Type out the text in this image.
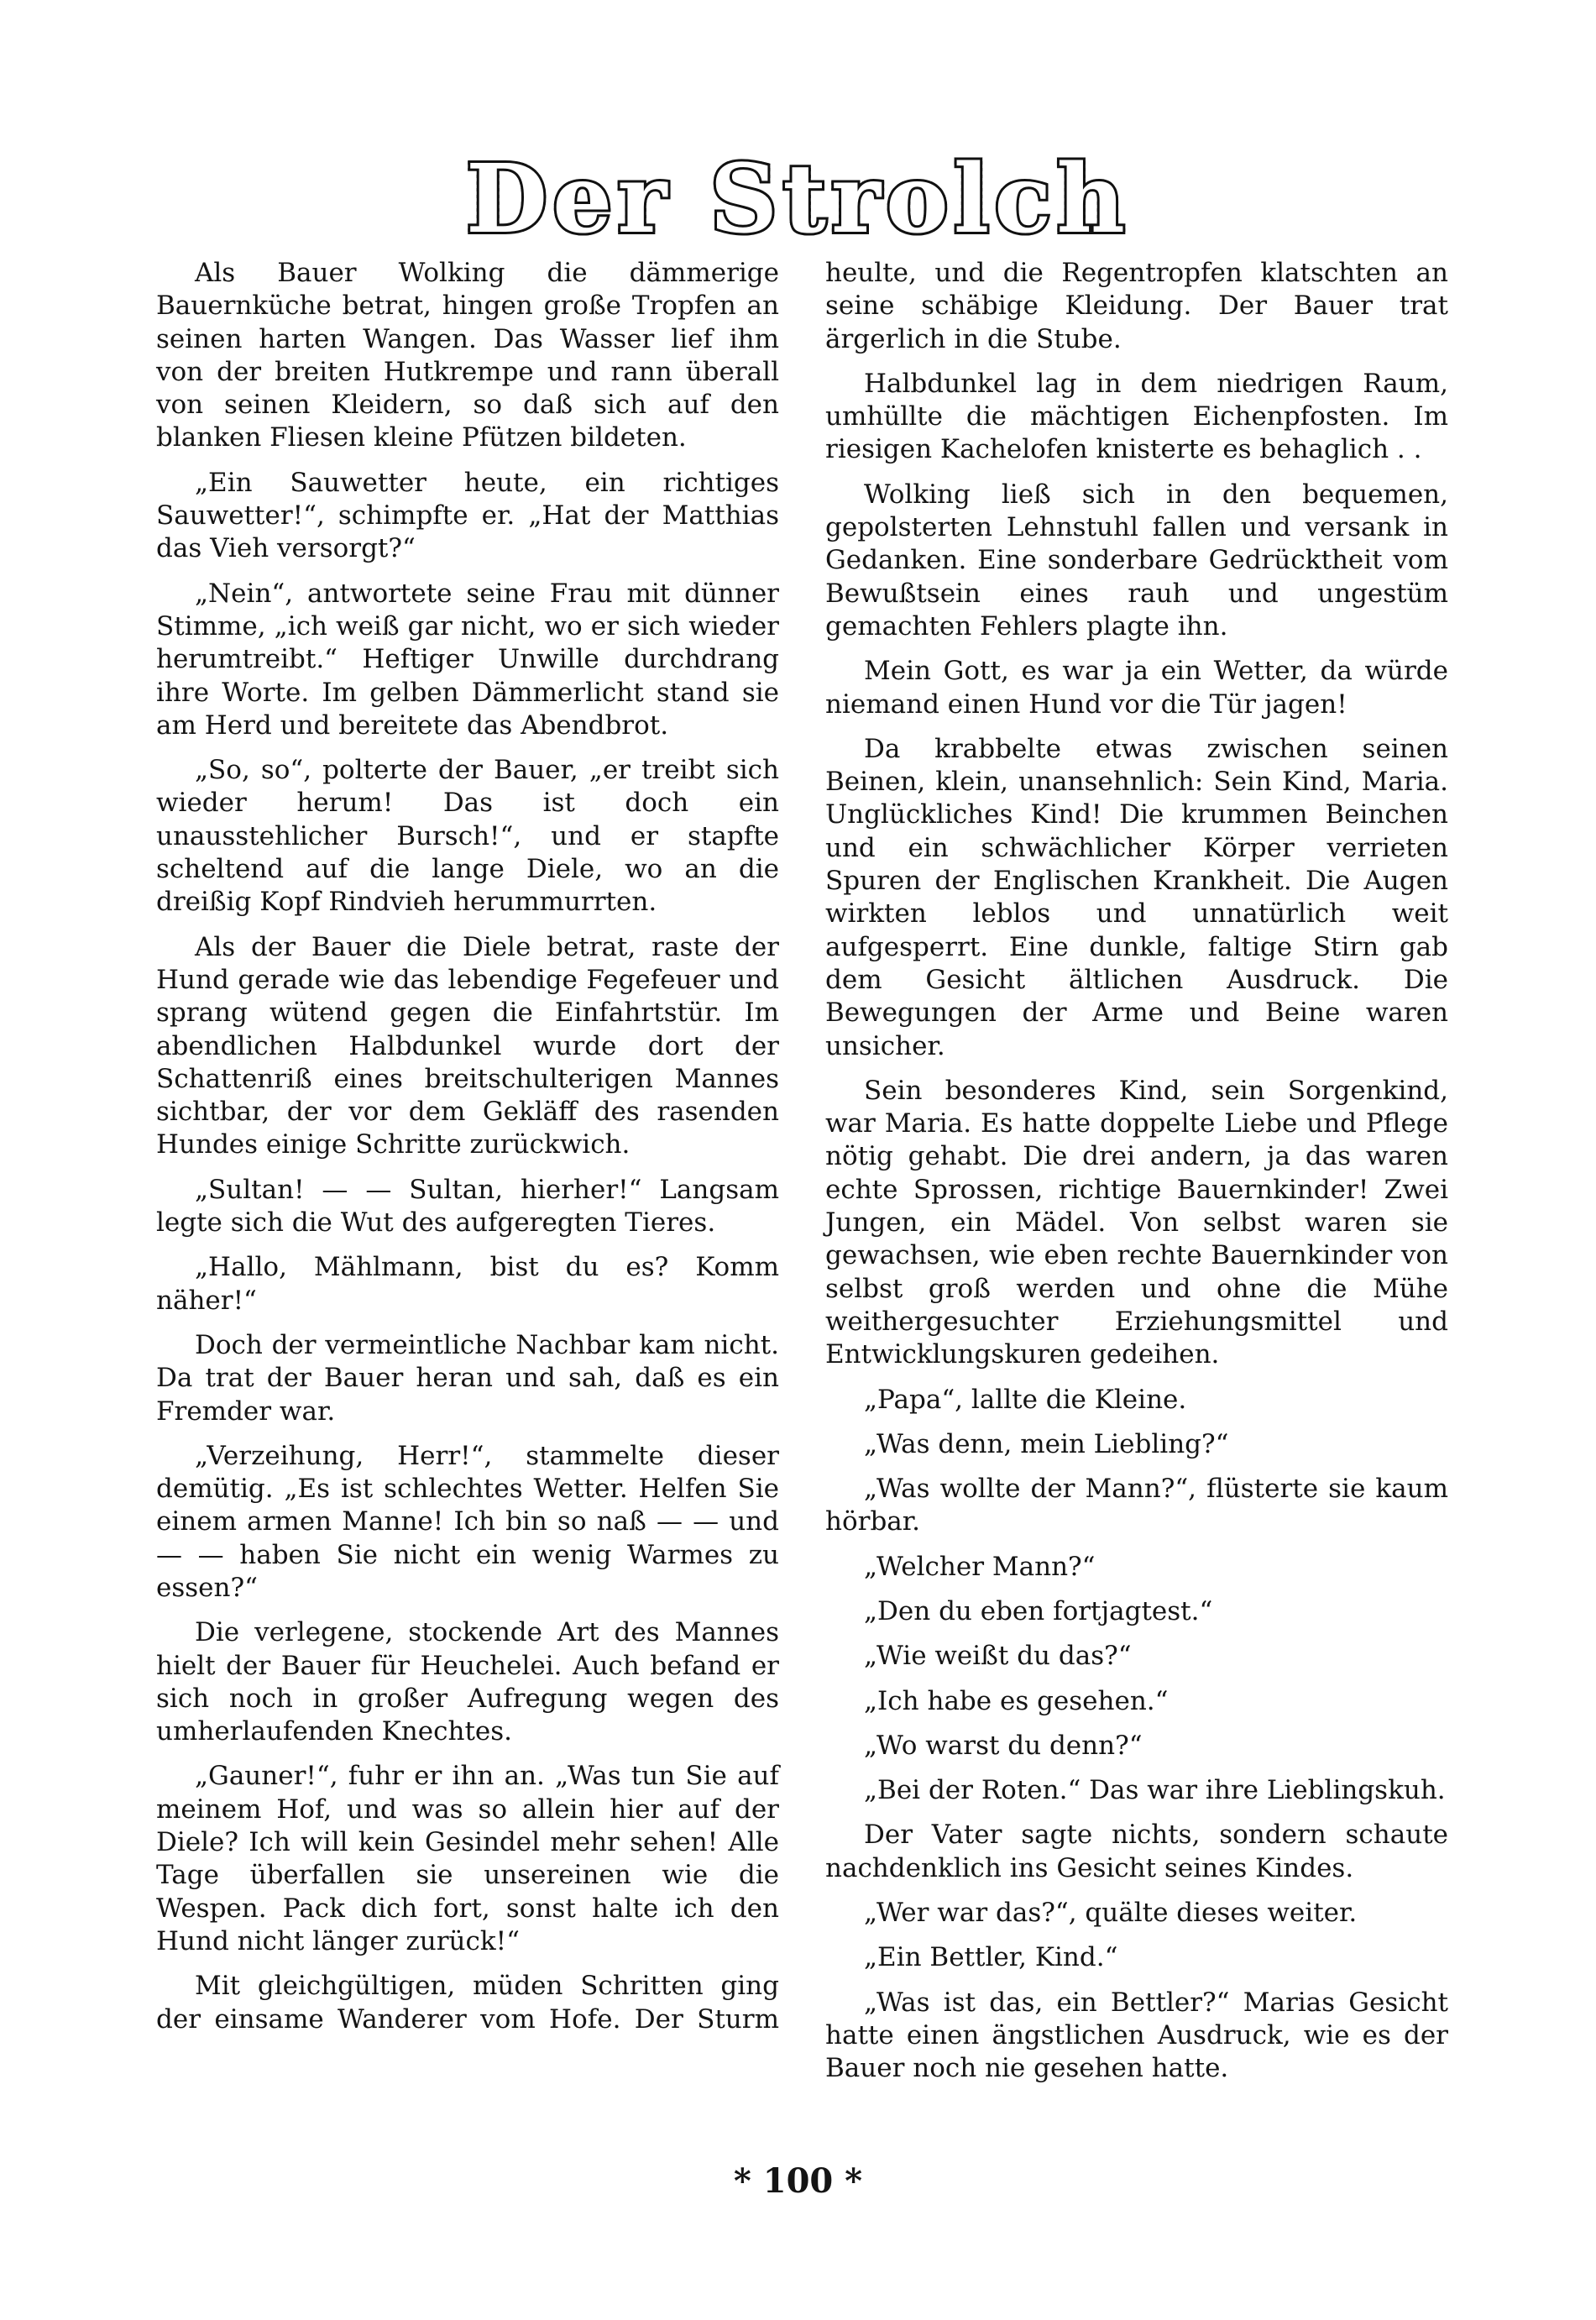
Der Strolch

Als Bauer Wolking die dämmerige Bauernküche betrat, hingen große Tropfen an seinen harten Wangen. Das Wasser lief ihm von der breiten Hutkrempe und rann überall von seinen Kleidern, so daß sich auf den blanken Fliesen kleine Pfützen bildeten.

„Ein Sauwetter heute, ein richtiges Sauwetter!“, schimpfte er. „Hat der Matthias das Vieh versorgt?“

„Nein“, antwortete seine Frau mit dünner Stimme, „ich weiß gar nicht, wo er sich wieder herumtreibt.“ Heftiger Unwille durchdrang ihre Worte. Im gelben Dämmerlicht stand sie am Herd und bereitete das Abendbrot.

„So, so“, polterte der Bauer, „er treibt sich wieder herum! Das ist doch ein unausstehlicher Bursch!“, und er stapfte scheltend auf die lange Diele, wo an die dreißig Kopf Rindvieh herummurrten.

Als der Bauer die Diele betrat, raste der Hund gerade wie das lebendige Fegefeuer und sprang wütend gegen die Einfahrtstür. Im abendlichen Halbdunkel wurde dort der Schattenriß eines breitschulterigen Mannes sichtbar, der vor dem Gekläff des rasenden Hundes einige Schritte zurückwich.

„Sultan! — — Sultan, hierher!“ Langsam legte sich die Wut des aufgeregten Tieres.

„Hallo, Mählmann, bist du es? Komm näher!“

Doch der vermeintliche Nachbar kam nicht. Da trat der Bauer heran und sah, daß es ein Fremder war.

„Verzeihung, Herr!“, stammelte dieser demütig. „Es ist schlechtes Wetter. Helfen Sie einem armen Manne! Ich bin so naß — — und — — haben Sie nicht ein wenig Warmes zu essen?“

Die verlegene, stockende Art des Mannes hielt der Bauer für Heuchelei. Auch befand er sich noch in großer Aufregung wegen des umherlaufenden Knechtes.

„Gauner!“, fuhr er ihn an. „Was tun Sie auf meinem Hof, und was so allein hier auf der Diele? Ich will kein Gesindel mehr sehen! Alle Tage überfallen sie unsereinen wie die Wespen. Pack dich fort, sonst halte ich den Hund nicht länger zurück!“

Mit gleichgültigen, müden Schritten ging der einsame Wanderer vom Hofe. Der Sturm

heulte, und die Regentropfen klatschten an seine schäbige Kleidung. Der Bauer trat ärgerlich in die Stube.

Halbdunkel lag in dem niedrigen Raum, umhüllte die mächtigen Eichenpfosten. Im riesigen Kachelofen knisterte es behaglich . .

Wolking ließ sich in den bequemen, gepolsterten Lehnstuhl fallen und versank in Gedanken. Eine sonderbare Gedrücktheit vom Bewußtsein eines rauh und ungestüm gemachten Fehlers plagte ihn.

Mein Gott, es war ja ein Wetter, da würde niemand einen Hund vor die Tür jagen!

Da krabbelte etwas zwischen seinen Beinen, klein, unansehnlich: Sein Kind, Maria. Unglückliches Kind! Die krummen Beinchen und ein schwächlicher Körper verrieten Spuren der Englischen Krankheit. Die Augen wirkten leblos und unnatürlich weit aufgesperrt. Eine dunkle, faltige Stirn gab dem Gesicht ältlichen Ausdruck. Die Bewegungen der Arme und Beine waren unsicher.

Sein besonderes Kind, sein Sorgenkind, war Maria. Es hatte doppelte Liebe und Pflege nötig gehabt. Die drei andern, ja das waren echte Sprossen, richtige Bauernkinder! Zwei Jungen, ein Mädel. Von selbst waren sie gewachsen, wie eben rechte Bauernkinder von selbst groß werden und ohne die Mühe weithergesuchter Erziehungsmittel und Entwicklungskuren gedeihen.

„Papa“, lallte die Kleine.

„Was denn, mein Liebling?“

„Was wollte der Mann?“, flüsterte sie kaum hörbar.

„Welcher Mann?“

„Den du eben fortjagtest.“

„Wie weißt du das?“

„Ich habe es gesehen.“

„Wo warst du denn?“

„Bei der Roten.“ Das war ihre Lieblingskuh.

Der Vater sagte nichts, sondern schaute nachdenklich ins Gesicht seines Kindes.

„Wer war das?“, quälte dieses weiter.

„Ein Bettler, Kind.“

„Was ist das, ein Bettler?“ Marias Gesicht hatte einen ängstlichen Ausdruck, wie es der Bauer noch nie gesehen hatte.

* 100 *
